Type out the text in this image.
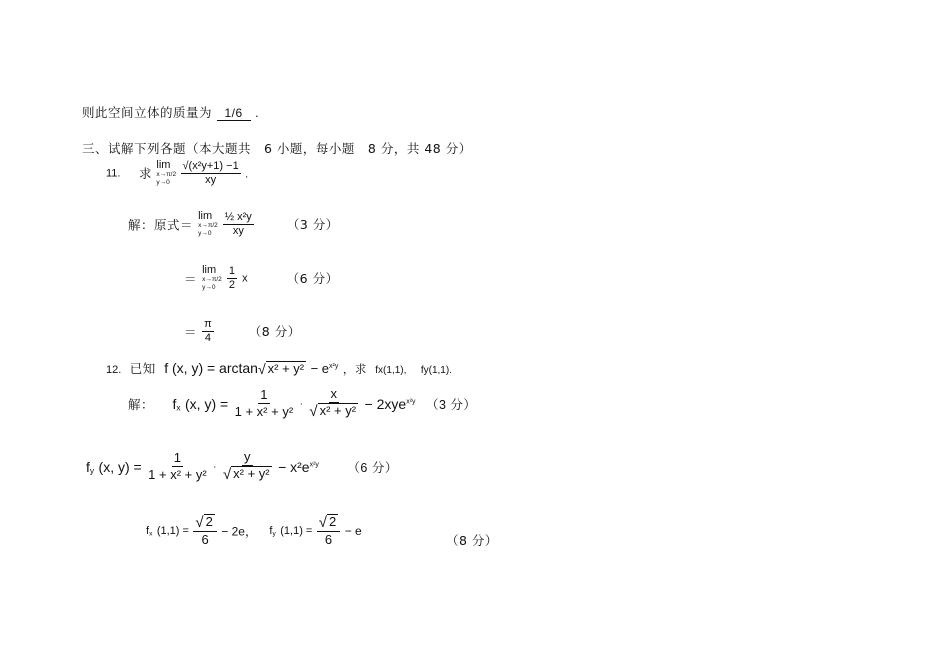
则此空间立体的质量为 1/6 .
三、试解下列各题（本大题共　6 小题，每小题　8 分，共 48 分）
11. 求
lim
x→π/2
y→0
$\frac{\text{√(x²y+1) −1}}{xy}$ .
解：原式＝
lim
x→π/2
y→0
$\frac{\text{½ x²y}}{xy}$	（3 分）
＝
lim
x→π/2
y→0
$\frac{1}{2}$ x	（6 分）
＝ $\frac{\pi}{4}$	（8 分）
12. 已知 f (x, y) = arctan√ $x^2 + y^2 - e^{x^2y}$ ，求 fx(1,1), fy(1,1).
解： $f_x$ (x, $y) = \frac{1}{\text{1 + x² + y²}} \cdot \frac{x}{\text{√ x² + y²}} - 2xye^{x^2y}$ （3 分）
$f_y$ (x, $y) = \frac{1}{\text{1 + x² + y²}} \cdot \frac{y}{\text{√ x² + y²}} - x^2e^{x^2y}$ （6 分）
$f_x$ $(1,1) = \frac{√ 2}{6} - 2e$， $f_y$ $(1,1) = \frac{√ 2}{6} - e$
（8 分）
